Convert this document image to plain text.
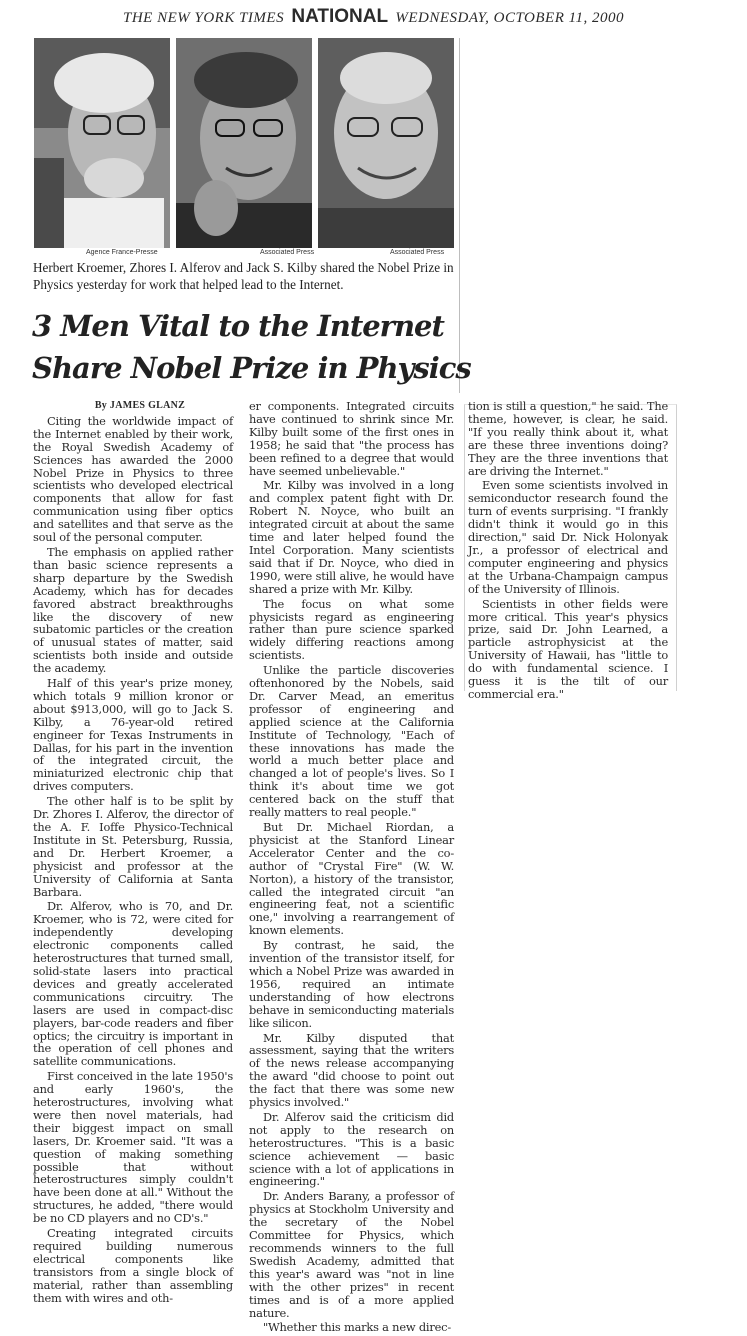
THE NEW YORK TIMES NATIONAL WEDNESDAY, OCTOBER 11, 2000
Agence France-Presse	Associated Press	Associated Press
Herbert Kroemer, Zhores I. Alferov and Jack S. Kilby shared the Nobel Prize in Physics yesterday for work that helped lead to the Internet.
3 Men Vital to the Internet
Share Nobel Prize in Physics

By JAMES GLANZ

Citing the worldwide impact of the Internet enabled by their work, the Royal Swedish Academy of Sciences has awarded the 2000 Nobel Prize in Physics to three scientists who developed electrical components that allow for fast communication using fiber optics and satellites and that serve as the soul of the personal computer.

The emphasis on applied rather than basic science represents a sharp departure by the Swedish Academy, which has for decades favored abstract breakthroughs like the discovery of new subatomic particles or the creation of unusual states of matter, said scientists both inside and outside the academy.

Half of this year's prize money, which totals 9 million kronor or about $913,000, will go to Jack S. Kilby, a 76-year-old retired engineer for Texas Instruments in Dallas, for his part in the invention of the integrated circuit, the miniaturized electronic chip that drives computers.

The other half is to be split by Dr. Zhores I. Alferov, the director of the A. F. Ioffe Physico-Technical Institute in St. Petersburg, Russia, and Dr. Herbert Kroemer, a physicist and professor at the University of California at Santa Barbara.

Dr. Alferov, who is 70, and Dr. Kroemer, who is 72, were cited for independently developing electronic components called heterostructures that turned small, solid-state lasers into practical devices and greatly accelerated communications circuitry. The lasers are used in compact-disc players, bar-code readers and fiber optics; the circuitry is important in the operation of cell phones and satellite communications.

First conceived in the late 1950's and early 1960's, the heterostructures, involving what were then novel materials, had their biggest impact on small lasers, Dr. Kroemer said. "It was a question of making something possible that without heterostructures simply couldn't have been done at all." Without the structures, he added, "there would be no CD players and no CD's."

Creating integrated circuits required building numerous electrical components like transistors from a single block of material, rather than assembling them with wires and oth-

er components. Integrated circuits have continued to shrink since Mr. Kilby built some of the first ones in 1958; he said that "the process has been refined to a degree that would have seemed unbelievable."

Mr. Kilby was involved in a long and complex patent fight with Dr. Robert N. Noyce, who built an integrated circuit at about the same time and later helped found the Intel Corporation. Many scientists said that if Dr. Noyce, who died in 1990, were still alive, he would have shared a prize with Mr. Kilby.

The focus on what some physicists regard as engineering rather than pure science sparked widely differing reactions among scientists.

Unlike the particle discoveries oftenhonored by the Nobels, said Dr. Carver Mead, an emeritus professor of engineering and applied science at the California Institute of Technology, "Each of these innovations has made the world a much better place and changed a lot of people's lives. So I think it's about time we got centered back on the stuff that really matters to real people."

But Dr. Michael Riordan, a physicist at the Stanford Linear Accelerator Center and the co-author of "Crystal Fire" (W. W. Norton), a history of the transistor, called the integrated circuit "an engineering feat, not a scientific one," involving a rearrangement of known elements.

By contrast, he said, the invention of the transistor itself, for which a Nobel Prize was awarded in 1956, required an intimate understanding of how electrons behave in semiconducting materials like silicon.

Mr. Kilby disputed that assessment, saying that the writers of the news release accompanying the award "did choose to point out the fact that there was some new physics involved."

Dr. Alferov said the criticism did not apply to the research on heterostructures. "This is a basic science achievement — basic science with a lot of applications in engineering."

Dr. Anders Barany, a professor of physics at Stockholm University and the secretary of the Nobel Committee for Physics, which recommends winners to the full Swedish Academy, admitted that this year's award was "not in line with the other prizes" in recent times and is of a more applied nature.

"Whether this marks a new direc-

tion is still a question," he said. The theme, however, is clear, he said. "If you really think about it, what are these three inventions doing? They are the three inventions that are driving the Internet."

Even some scientists involved in semiconductor research found the turn of events surprising. "I frankly didn't think it would go in this direction," said Dr. Nick Holonyak Jr., a professor of electrical and computer engineering and physics at the Urbana-Champaign campus of the University of Illinois.

Scientists in other fields were more critical. This year's physics prize, said Dr. John Learned, a particle astrophysicist at the University of Hawaii, has "little to do with fundamental science. I guess it is the tilt of our commercial era."
